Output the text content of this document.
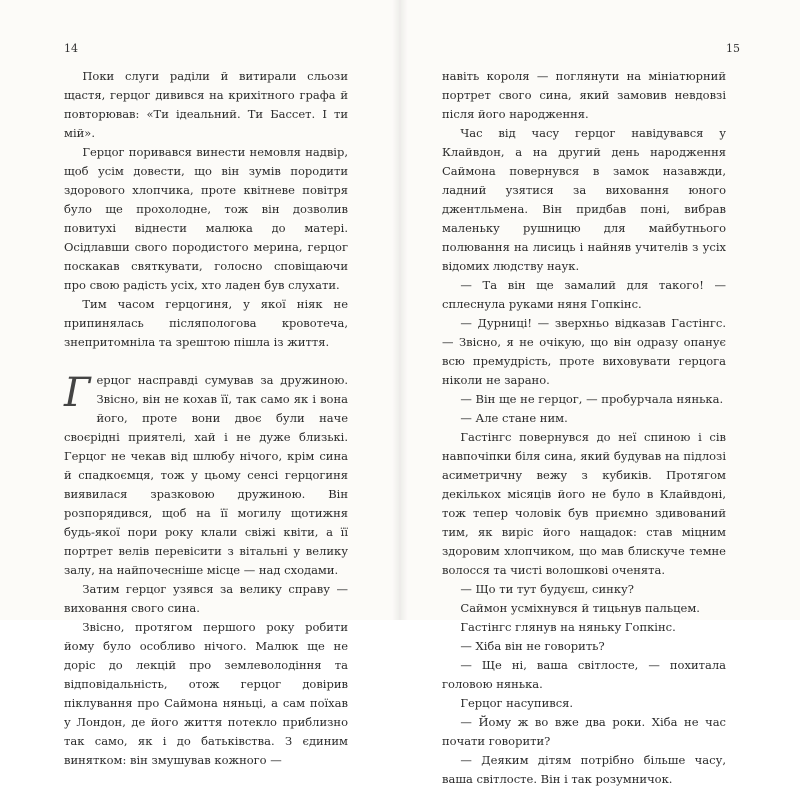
14

Поки слуги раділи й витирали сльози щастя, герцог дивився на крихітного графа й повторював: «Ти ідеальний. Ти Бассет. І ти мій».

Герцог поривався винести немовля надвір, щоб усім довести, що він зумів породити здорового хлопчика, проте квітневе повітря було ще прохолодне, тож він дозволив повитухі віднести малюка до матері. Осідлавши свого породистого мерина, герцог поскакав святкувати, голосно сповіщаючи про свою радість усіх, хто ладен був слухати.

Тим часом герцогиня, у якої ніяк не припинялась післяпологова кровотеча, знепритомніла та зрештою пішла із життя.

Герцог насправді сумував за дружиною. Звісно, він не кохав її, так само як і вона його, проте вони двоє були наче своєрідні приятелі, хай і не дуже близькі. Герцог не чекав від шлюбу нічого, крім сина й спадкоємця, тож у цьому сенсі герцогиня виявилася зразковою дружиною. Він розпорядився, щоб на її могилу щотижня будь-якої пори року клали свіжі квіти, а її портрет велів перевісити з вітальні у велику залу, на найпочесніше місце — над сходами.

Затим герцог узявся за велику справу — виховання свого сина.

Звісно, протягом першого року робити йому було особливо нічого. Малюк ще не доріс до лекцій про землеволодіння та відповідальність, отож герцог довірив піклування про Саймона няньці, а сам поїхав у Лондон, де його життя потекло приблизно так само, як і до батьківства. З єдиним винятком: він змушував кожного —

15

навіть короля — поглянути на мініатюрний портрет свого сина, який замовив невдовзі після його народження.

Час від часу герцог навідувався у Клайвдон, а на другий день народження Саймона повернувся в замок назавжди, ладний узятися за виховання юного джентльмена. Він придбав поні, вибрав маленьку рушницю для майбутнього полювання на лисиць і найняв учителів з усіх відомих людству наук.

— Та він ще замалий для такого! — сплеснула руками няня Гопкінс.

— Дурниці! — зверхньо відказав Гастінгс. — Звісно, я не очікую, що він одразу опанує всю премудрість, проте виховувати герцога ніколи не зарано.

— Він ще не герцог, — пробурчала нянька.

— Але стане ним.

Гастінгс повернувся до неї спиною і сів навпочіпки біля сина, який будував на підлозі асиметричну вежу з кубиків. Протягом декількох місяців його не було в Клайвдоні, тож тепер чоловік був приємно здивований тим, як виріс його нащадок: став міцним здоровим хлопчиком, що мав блискуче темне волосся та чисті волошкові оченята.

— Що ти тут будуєш, синку?

Саймон усміхнувся й тицьнув пальцем.

Гастінгс глянув на няньку Гопкінс.

— Хіба він не говорить?

— Ще ні, ваша світлосте, — похитала головою нянька.

Герцог насупився.

— Йому ж во вже два роки. Хіба не час почати говорити?

— Деяким дітям потрібно більше часу, ваша світлосте. Він і так розумничок.
